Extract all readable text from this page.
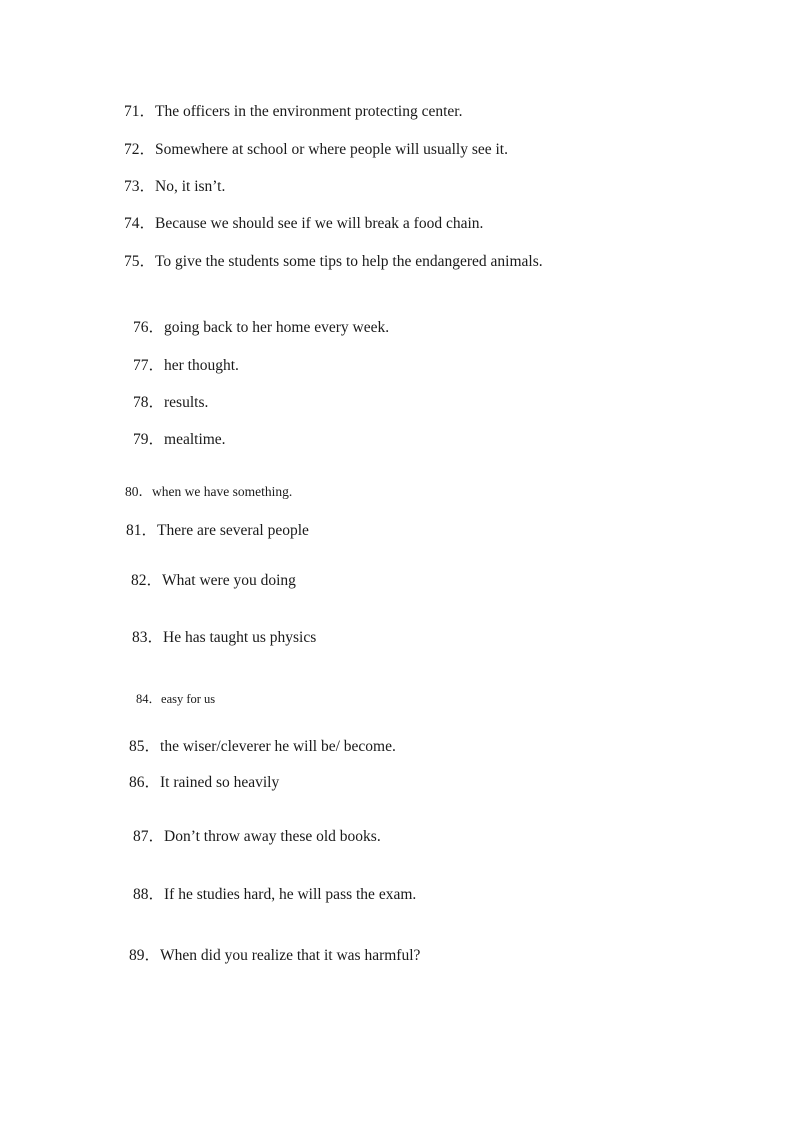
71．The officers in the environment protecting center.
72．Somewhere at school or where people will usually see it.
73．No, it isn’t.
74．Because we should see if we will break a food chain.
75．To give the students some tips to help the endangered animals.
76．going back to her home every week.
77．her thought.
78．results.
79．mealtime.
80．when we have something.
81．There are several people
82．What were you doing
83．He has taught us physics
84．easy for us
85．the wiser/cleverer he will be/ become.
86．It rained so heavily
87．Don’t throw away these old books.
88．If he studies hard, he will pass the exam.
89．When did you realize that it was harmful?
